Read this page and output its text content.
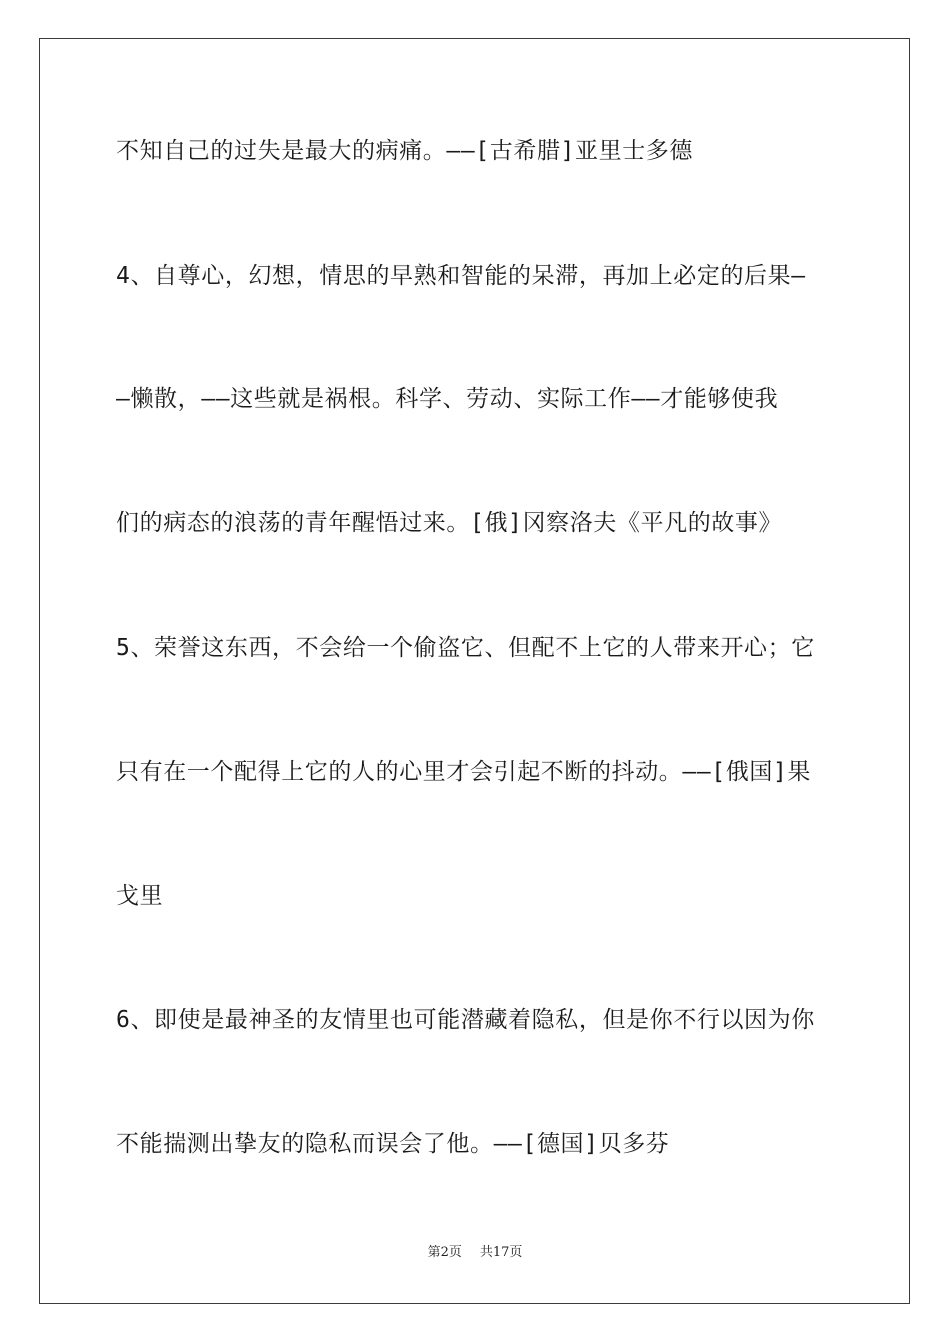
不知自己的过失是最大的病痛。——[古希腊]亚里士多德
4、自尊心，幻想，情思的早熟和智能的呆滞，再加上必定的后果—
—懒散，——这些就是祸根。科学、劳动、实际工作——才能够使我
们的病态的浪荡的青年醒悟过来。[俄]冈察洛夫《平凡的故事》
5、荣誉这东西，不会给一个偷盗它、但配不上它的人带来开心；它
只有在一个配得上它的人的心里才会引起不断的抖动。——[俄国]果
戈里
6、即使是最神圣的友情里也可能潜藏着隐私，但是你不行以因为你
不能揣测出挚友的隐私而误会了他。——[德国]贝多芬
第2页 共17页
